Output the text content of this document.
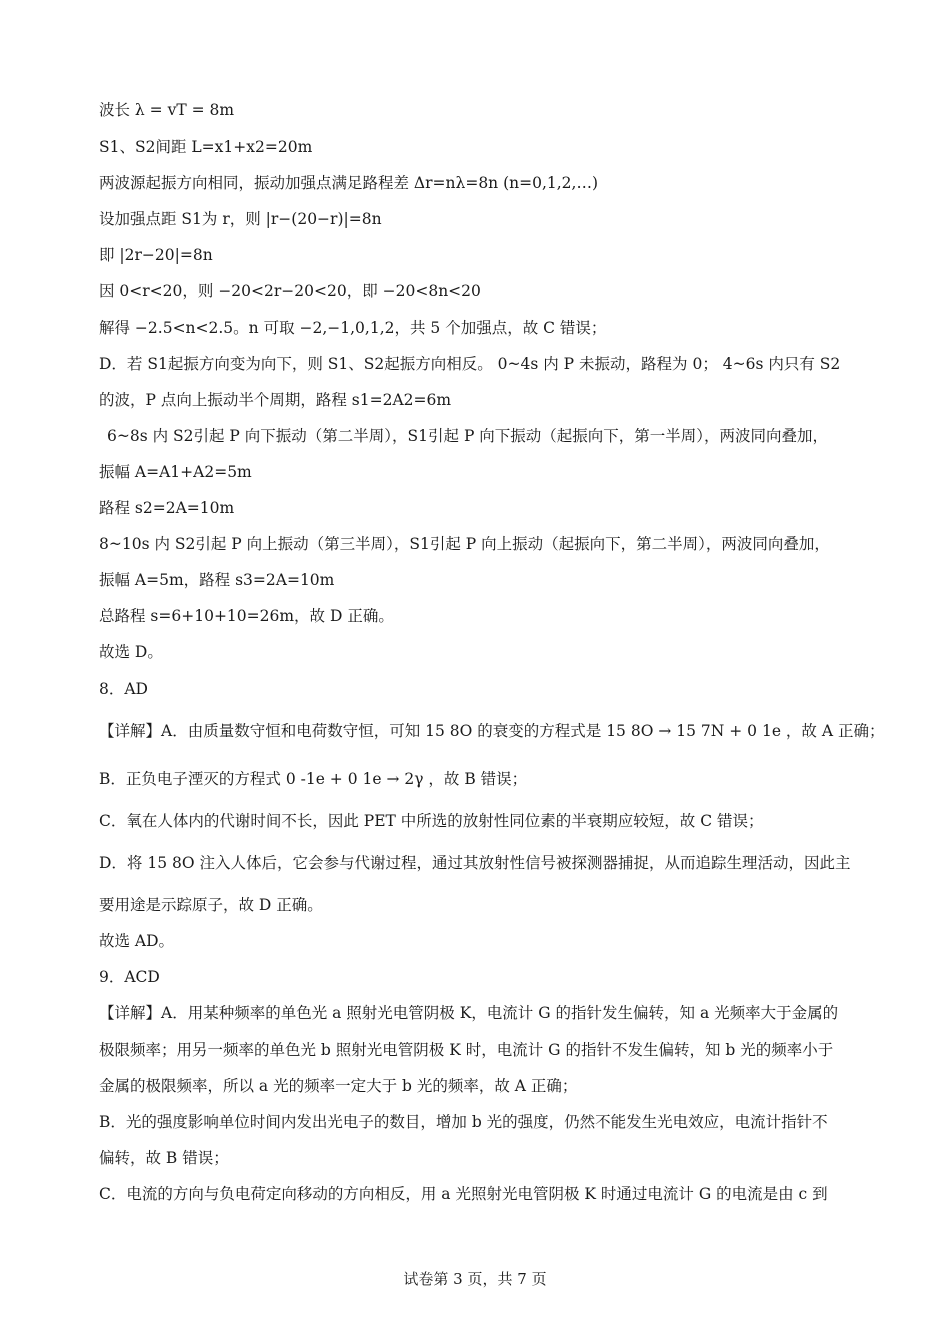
波长 λ = vT = 8m
S1、S2间距 L=x1+x2=20m
两波源起振方向相同，振动加强点满足路程差 Δr=nλ=8n (n=0,1,2,…)
设加强点距 S1为 r，则 |r−(20−r)|=8n
即 |2r−20|=8n
因 0<r<20，则 −20<2r−20<20，即 −20<8n<20
解得 −2.5<n<2.5。n 可取 −2,−1,0,1,2，共 5 个加强点，故 C 错误；
D．若 S1起振方向变为向下，则 S1、S2起振方向相反。 0~4s 内 P 未振动，路程为 0； 4~6s 内只有 S2
的波，P 点向上振动半个周期，路程 s1=2A2=6m
6~8s 内 S2引起 P 向下振动（第二半周），S1引起 P 向下振动（起振向下，第一半周），两波同向叠加，
振幅 A=A1+A2=5m
路程 s2=2A=10m
8~10s 内 S2引起 P 向上振动（第三半周），S1引起 P 向上振动（起振向下，第二半周），两波同向叠加，
振幅 A=5m，路程 s3=2A=10m
总路程 s=6+10+10=26m，故 D 正确。
故选 D。
8．AD
【详解】A．由质量数守恒和电荷数守恒，可知 15 8O 的衰变的方程式是 15 8O → 15 7N + 0 1e ，故 A 正确；
B．正负电子湮灭的方程式 0 -1e + 0 1e → 2γ ，故 B 错误；
C．氧在人体内的代谢时间不长，因此 PET 中所选的放射性同位素的半衰期应较短，故 C 错误；
D．将 15 8O 注入人体后，它会参与代谢过程，通过其放射性信号被探测器捕捉，从而追踪生理活动，因此主
要用途是示踪原子，故 D 正确。
故选 AD。
9．ACD
【详解】A．用某种频率的单色光 a 照射光电管阴极 K，电流计 G 的指针发生偏转，知 a 光频率大于金属的
极限频率；用另一频率的单色光 b 照射光电管阴极 K 时，电流计 G 的指针不发生偏转，知 b 光的频率小于
金属的极限频率，所以 a 光的频率一定大于 b 光的频率，故 A 正确；
B．光的强度影响单位时间内发出光电子的数目，增加 b 光的强度，仍然不能发生光电效应，电流计指针不
偏转，故 B 错误；
C．电流的方向与负电荷定向移动的方向相反，用 a 光照射光电管阴极 K 时通过电流计 G 的电流是由 c 到
试卷第 3 页，共 7 页
